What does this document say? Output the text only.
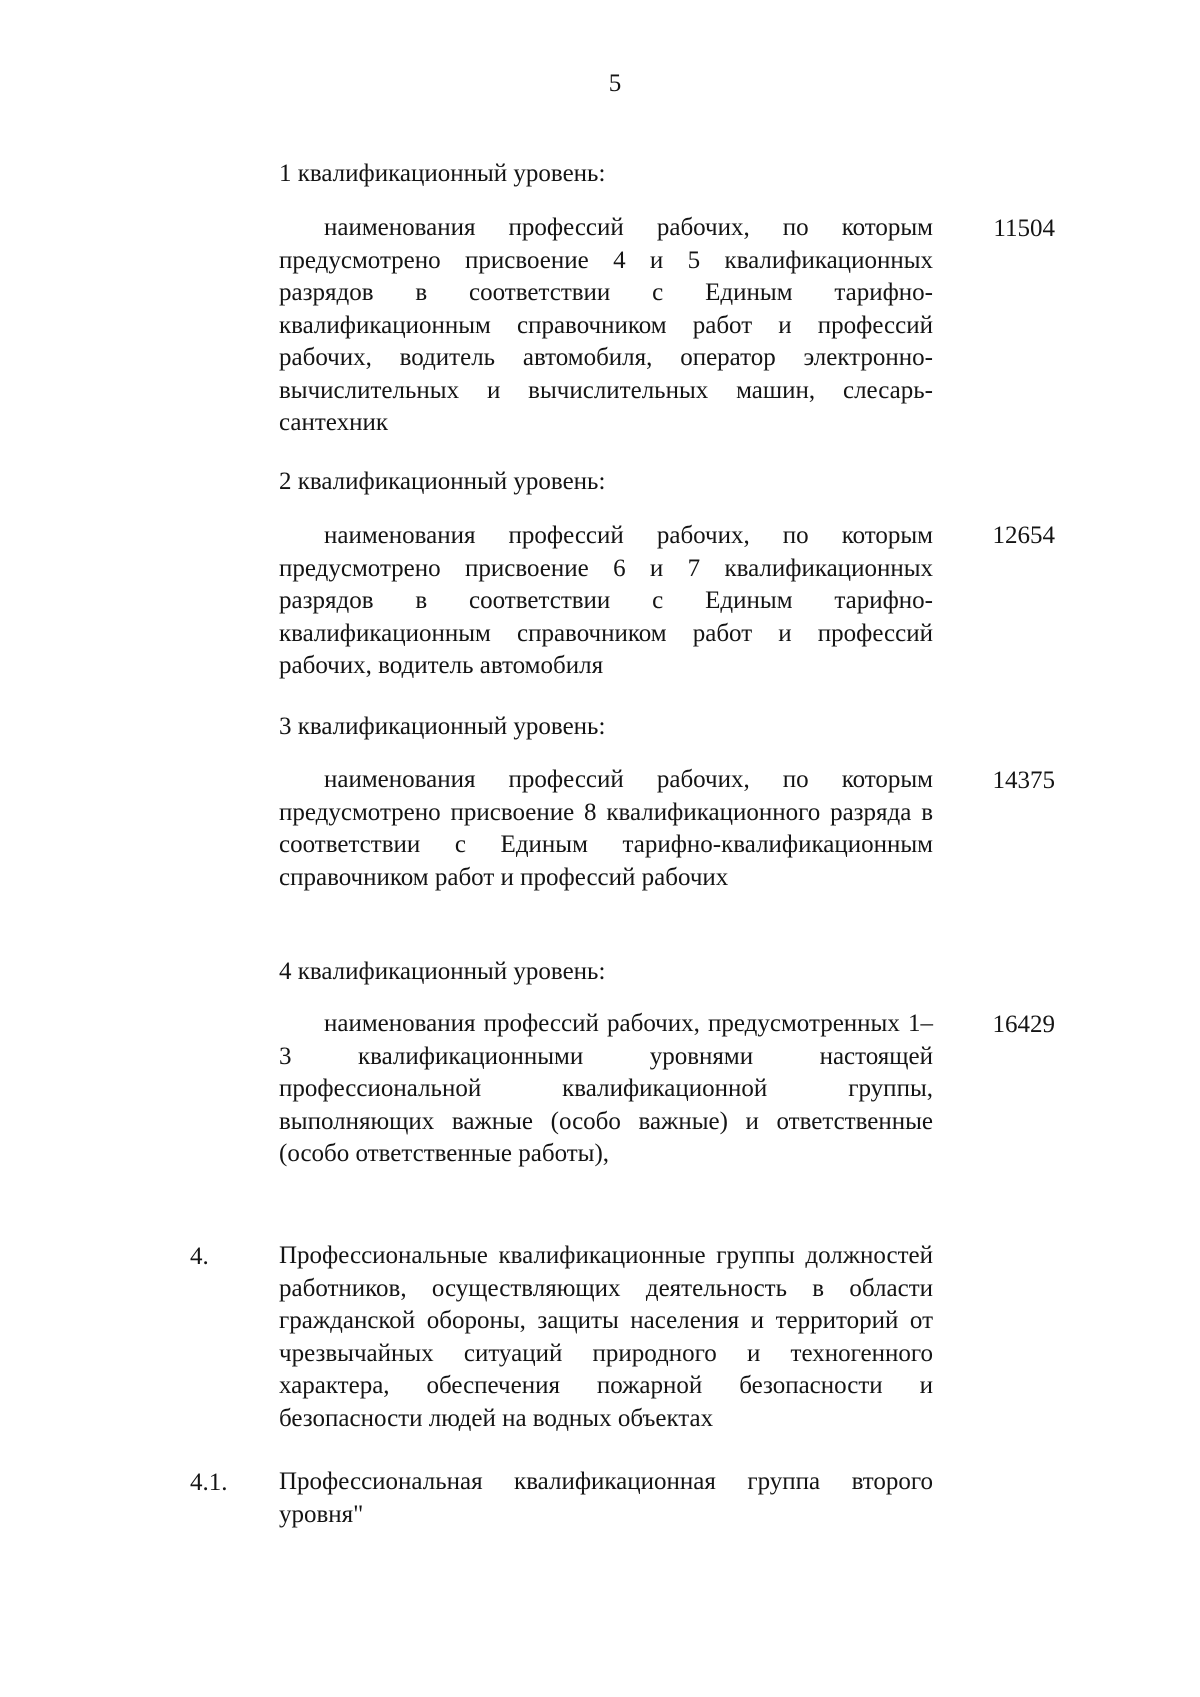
5
1 квалификационный уровень:

наименования профессий рабочих, по которым предусмотрено присвоение 4 и 5 квалификационных разрядов в соответствии с Единым тарифно-квалификационным справочником работ и профессий рабочих, водитель автомобиля, оператор электронно-вычислительных и вычислительных машин, слесарь-сантехник

11504
2 квалификационный уровень:

наименования профессий рабочих, по которым предусмотрено присвоение 6 и 7 квалификационных разрядов в соответствии с Единым тарифно-квалификационным справочником работ и профессий рабочих, водитель автомобиля

12654
3 квалификационный уровень:

наименования профессий рабочих, по которым предусмотрено присвоение 8 квалификационного разряда в соответствии с Единым тарифно-квалификационным справочником работ и профессий рабочих

14375
4 квалификационный уровень:

наименования профессий рабочих, предусмотренных 1–3 квалификационными уровнями настоящей профессиональной квалификационной группы, выполняющих важные (особо важные) и ответственные (особо ответственные работы),

16429
4.	Профессиональные квалификационные группы должностей работников, осуществляющих деятельность в области гражданской обороны, защиты населения и территорий от чрезвычайных ситуаций природного и техногенного характера, обеспечения пожарной безопасности и безопасности людей на водных объектах

4.1. Профессиональная квалификационная группа второго уровня"
